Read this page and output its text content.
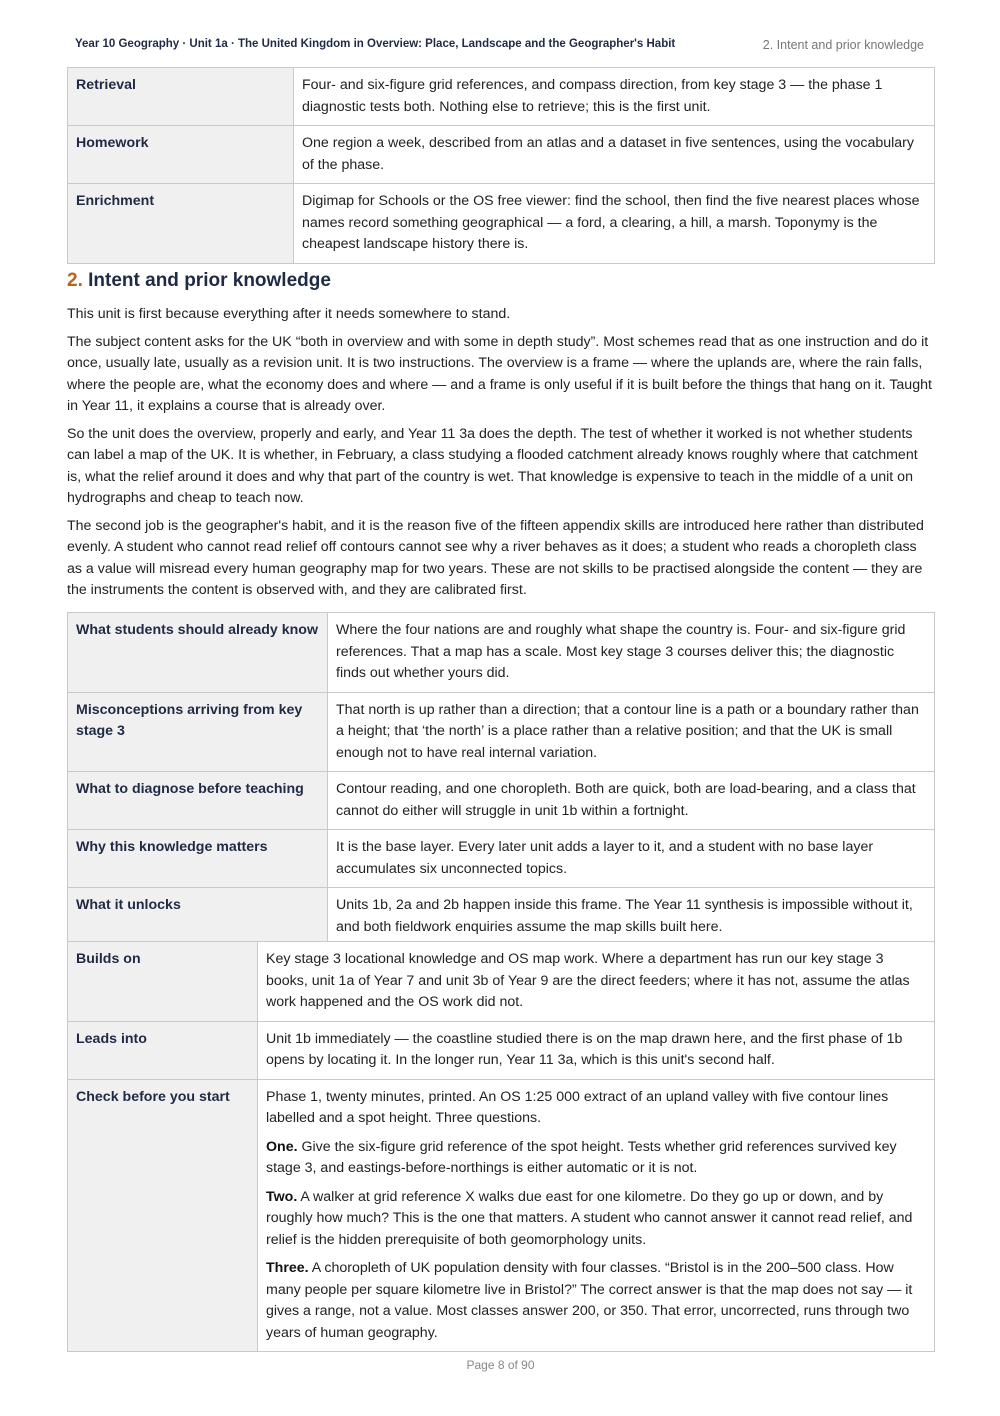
Year 10 Geography · Unit 1a · The United Kingdom in Overview: Place, Landscape and the Geographer's Habit	2. Intent and prior knowledge
Retrieval	Four- and six-figure grid references, and compass direction, from key stage 3 — the phase 1 diagnostic tests both. Nothing else to retrieve; this is the first unit.
Homework	One region a week, described from an atlas and a dataset in five sentences, using the vocabulary of the phase.
Enrichment	Digimap for Schools or the OS free viewer: find the school, then find the five nearest places whose names record something geographical — a ford, a clearing, a hill, a marsh. Toponymy is the cheapest landscape history there is.
2. Intent and prior knowledge

This unit is first because everything after it needs somewhere to stand.

The subject content asks for the UK “both in overview and with some in depth study”. Most schemes read that as one instruction and do it once, usually late, usually as a revision unit. It is two instructions. The overview is a frame — where the uplands are, where the rain falls, where the people are, what the economy does and where — and a frame is only useful if it is built before the things that hang on it. Taught in Year 11, it explains a course that is already over.

So the unit does the overview, properly and early, and Year 11 3a does the depth. The test of whether it worked is not whether students can label a map of the UK. It is whether, in February, a class studying a flooded catchment already knows roughly where that catchment is, what the relief around it does and why that part of the country is wet. That knowledge is expensive to teach in the middle of a unit on hydrographs and cheap to teach now.

The second job is the geographer's habit, and it is the reason five of the fifteen appendix skills are introduced here rather than distributed evenly. A student who cannot read relief off contours cannot see why a river behaves as it does; a student who reads a choropleth class as a value will misread every human geography map for two years. These are not skills to be practised alongside the content — they are the instruments the content is observed with, and they are calibrated first.

What students should already know	Where the four nations are and roughly what shape the country is. Four- and six-figure grid references. That a map has a scale. Most key stage 3 courses deliver this; the diagnostic finds out whether yours did.
Misconceptions arriving from key stage 3	That north is up rather than a direction; that a contour line is a path or a boundary rather than a height; that ‘the north’ is a place rather than a relative position; and that the UK is small enough not to have real internal variation.
What to diagnose before teaching	Contour reading, and one choropleth. Both are quick, both are load-bearing, and a class that cannot do either will struggle in unit 1b within a fortnight.
Why this knowledge matters	It is the base layer. Every later unit adds a layer to it, and a student with no base layer accumulates six unconnected topics.
What it unlocks	Units 1b, 2a and 2b happen inside this frame. The Year 11 synthesis is impossible without it, and both fieldwork enquiries assume the map skills built here.
Builds on	Key stage 3 locational knowledge and OS map work. Where a department has run our key stage 3 books, unit 1a of Year 7 and unit 3b of Year 9 are the direct feeders; where it has not, assume the atlas work happened and the OS work did not.
Leads into	Unit 1b immediately — the coastline studied there is on the map drawn here, and the first phase of 1b opens by locating it. In the longer run, Year 11 3a, which is this unit's second half.
Check before you start	Phase 1, twenty minutes, printed. An OS 1:25 000 extract of an upland valley with five contour lines labelled and a spot height. Three questions.

One. Give the six-figure grid reference of the spot height. Tests whether grid references survived key stage 3, and eastings-before-northings is either automatic or it is not.

Two. A walker at grid reference X walks due east for one kilometre. Do they go up or down, and by roughly how much? This is the one that matters. A student who cannot answer it cannot read relief, and relief is the hidden prerequisite of both geomorphology units.

Three. A choropleth of UK population density with four classes. “Bristol is in the 200–500 class. How many people per square kilometre live in Bristol?” The correct answer is that the map does not say — it gives a range, not a value. Most classes answer 200, or 350. That error, uncorrected, runs through two years of human geography.

Page 8 of 90
